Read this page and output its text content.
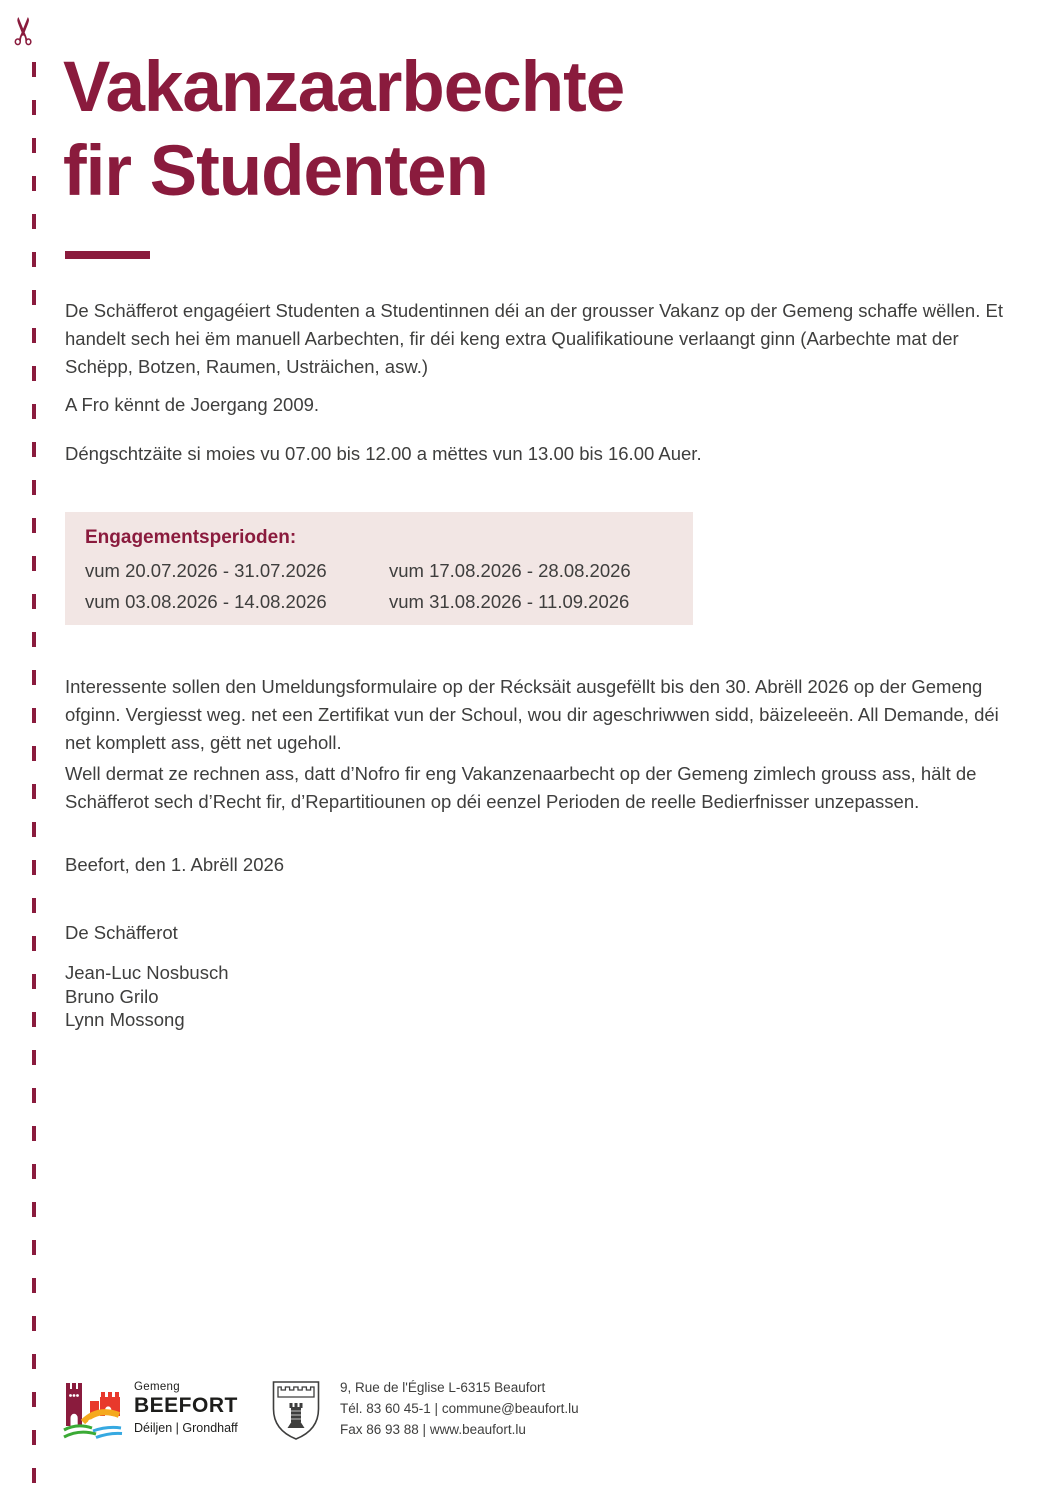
✂
Vakanzaarbechte
fir Studenten

De Schäfferot engagéiert Studenten a Studentinnen déi an der grousser Vakanz op der Gemeng schaffe wëllen. Et handelt sech hei ëm manuell Aarbechten, fir déi keng extra Qualifikatioune verlaangt ginn (Aarbechte mat der Schëpp, Botzen, Raumen, Usträichen, asw.)

A Fro kënnt de Joergang 2009.

Déngschtzäite si moies vu 07.00 bis 12.00 a mëttes vun 13.00 bis 16.00 Auer.

Engagementsperioden:
vum 20.07.2026 - 31.07.2026	vum 17.08.2026 - 28.08.2026
vum 03.08.2026 - 14.08.2026	vum 31.08.2026 - 11.09.2026

Interessente sollen den Umeldungsformulaire op der Récksäit ausgefëllt bis den 30. Abrëll 2026 op der Gemeng ofginn. Vergiesst weg. net een Zertifikat vun der Schoul, wou dir ageschriwwen sidd, bäizeleeën. All Demande, déi net komplett ass, gëtt net ugeholl.

Well dermat ze rechnen ass, datt d’Nofro fir eng Vakanzenaarbecht op der Gemeng zimlech grouss ass, hält de Schäfferot sech d’Recht fir, d’Repartitiounen op déi eenzel Perioden de reelle Bedierfnisser unzepassen.

Beefort, den 1. Abrëll 2026

De Schäfferot

Jean-Luc Nosbusch
Bruno Grilo
Lynn Mossong
Gemeng
BEEFORT
Déiljen | Grondhaff
9, Rue de l'Église L-6315 Beaufort
Tél. 83 60 45-1 | commune@beaufort.lu
Fax 86 93 88 | www.beaufort.lu
